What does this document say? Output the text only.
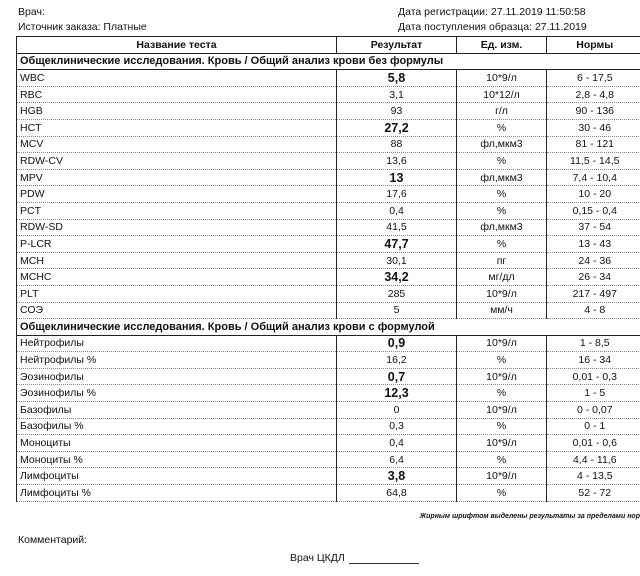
Врач:	Дата регистрации: 27.11.2019 11:50:58
Источник заказа: Платные	Дата поступления образца: 27.11.2019
Название теста	Результат	Ед. изм.	Нормы
Общеклинические исследования. Кровь / Общий анализ крови без формулы			
WBC	5,8	10*9/л	6 - 17,5
RBC	3,1	10*12/л	2,8 - 4,8
HGB	93	г/л	90 - 136
HCT	27,2	%	30 - 46
MCV	88	фл,мкм3	81 - 121
RDW-CV	13,6	%	11,5 - 14,5
MPV	13	фл,мкм3	7,4 - 10,4
PDW	17,6	%	10 - 20
PCT	0,4	%	0,15 - 0,4
RDW-SD	41,5	фл,мкм3	37 - 54
P-LCR	47,7	%	13 - 43
MCH	30,1	пг	24 - 36
MCHC	34,2	мг/дл	26 - 34
PLT	285	10*9/л	217 - 497
СОЭ	5	мм/ч	4 - 8
Общеклинические исследования. Кровь / Общий анализ крови с формулой			
Нейтрофилы	0,9	10*9/л	1 - 8,5
Нейтрофилы %	16,2	%	16 - 34
Эозинофилы	0,7	10*9/л	0,01 - 0,3
Эозинофилы %	12,3	%	1 - 5
Базофилы	0	10*9/л	0 - 0,07
Базофилы %	0,3	%	0 - 1
Моноциты	0,4	10*9/л	0,01 - 0,6
Моноциты %	6,4	%	4,4 - 11,6
Лимфоциты	3,8	10*9/л	4 - 13,5
Лимфоциты %	64,8	%	52 - 72
Жирным шрифтом выделены результаты за пределами нор
Комментарий:
Врач ЦКДЛ
